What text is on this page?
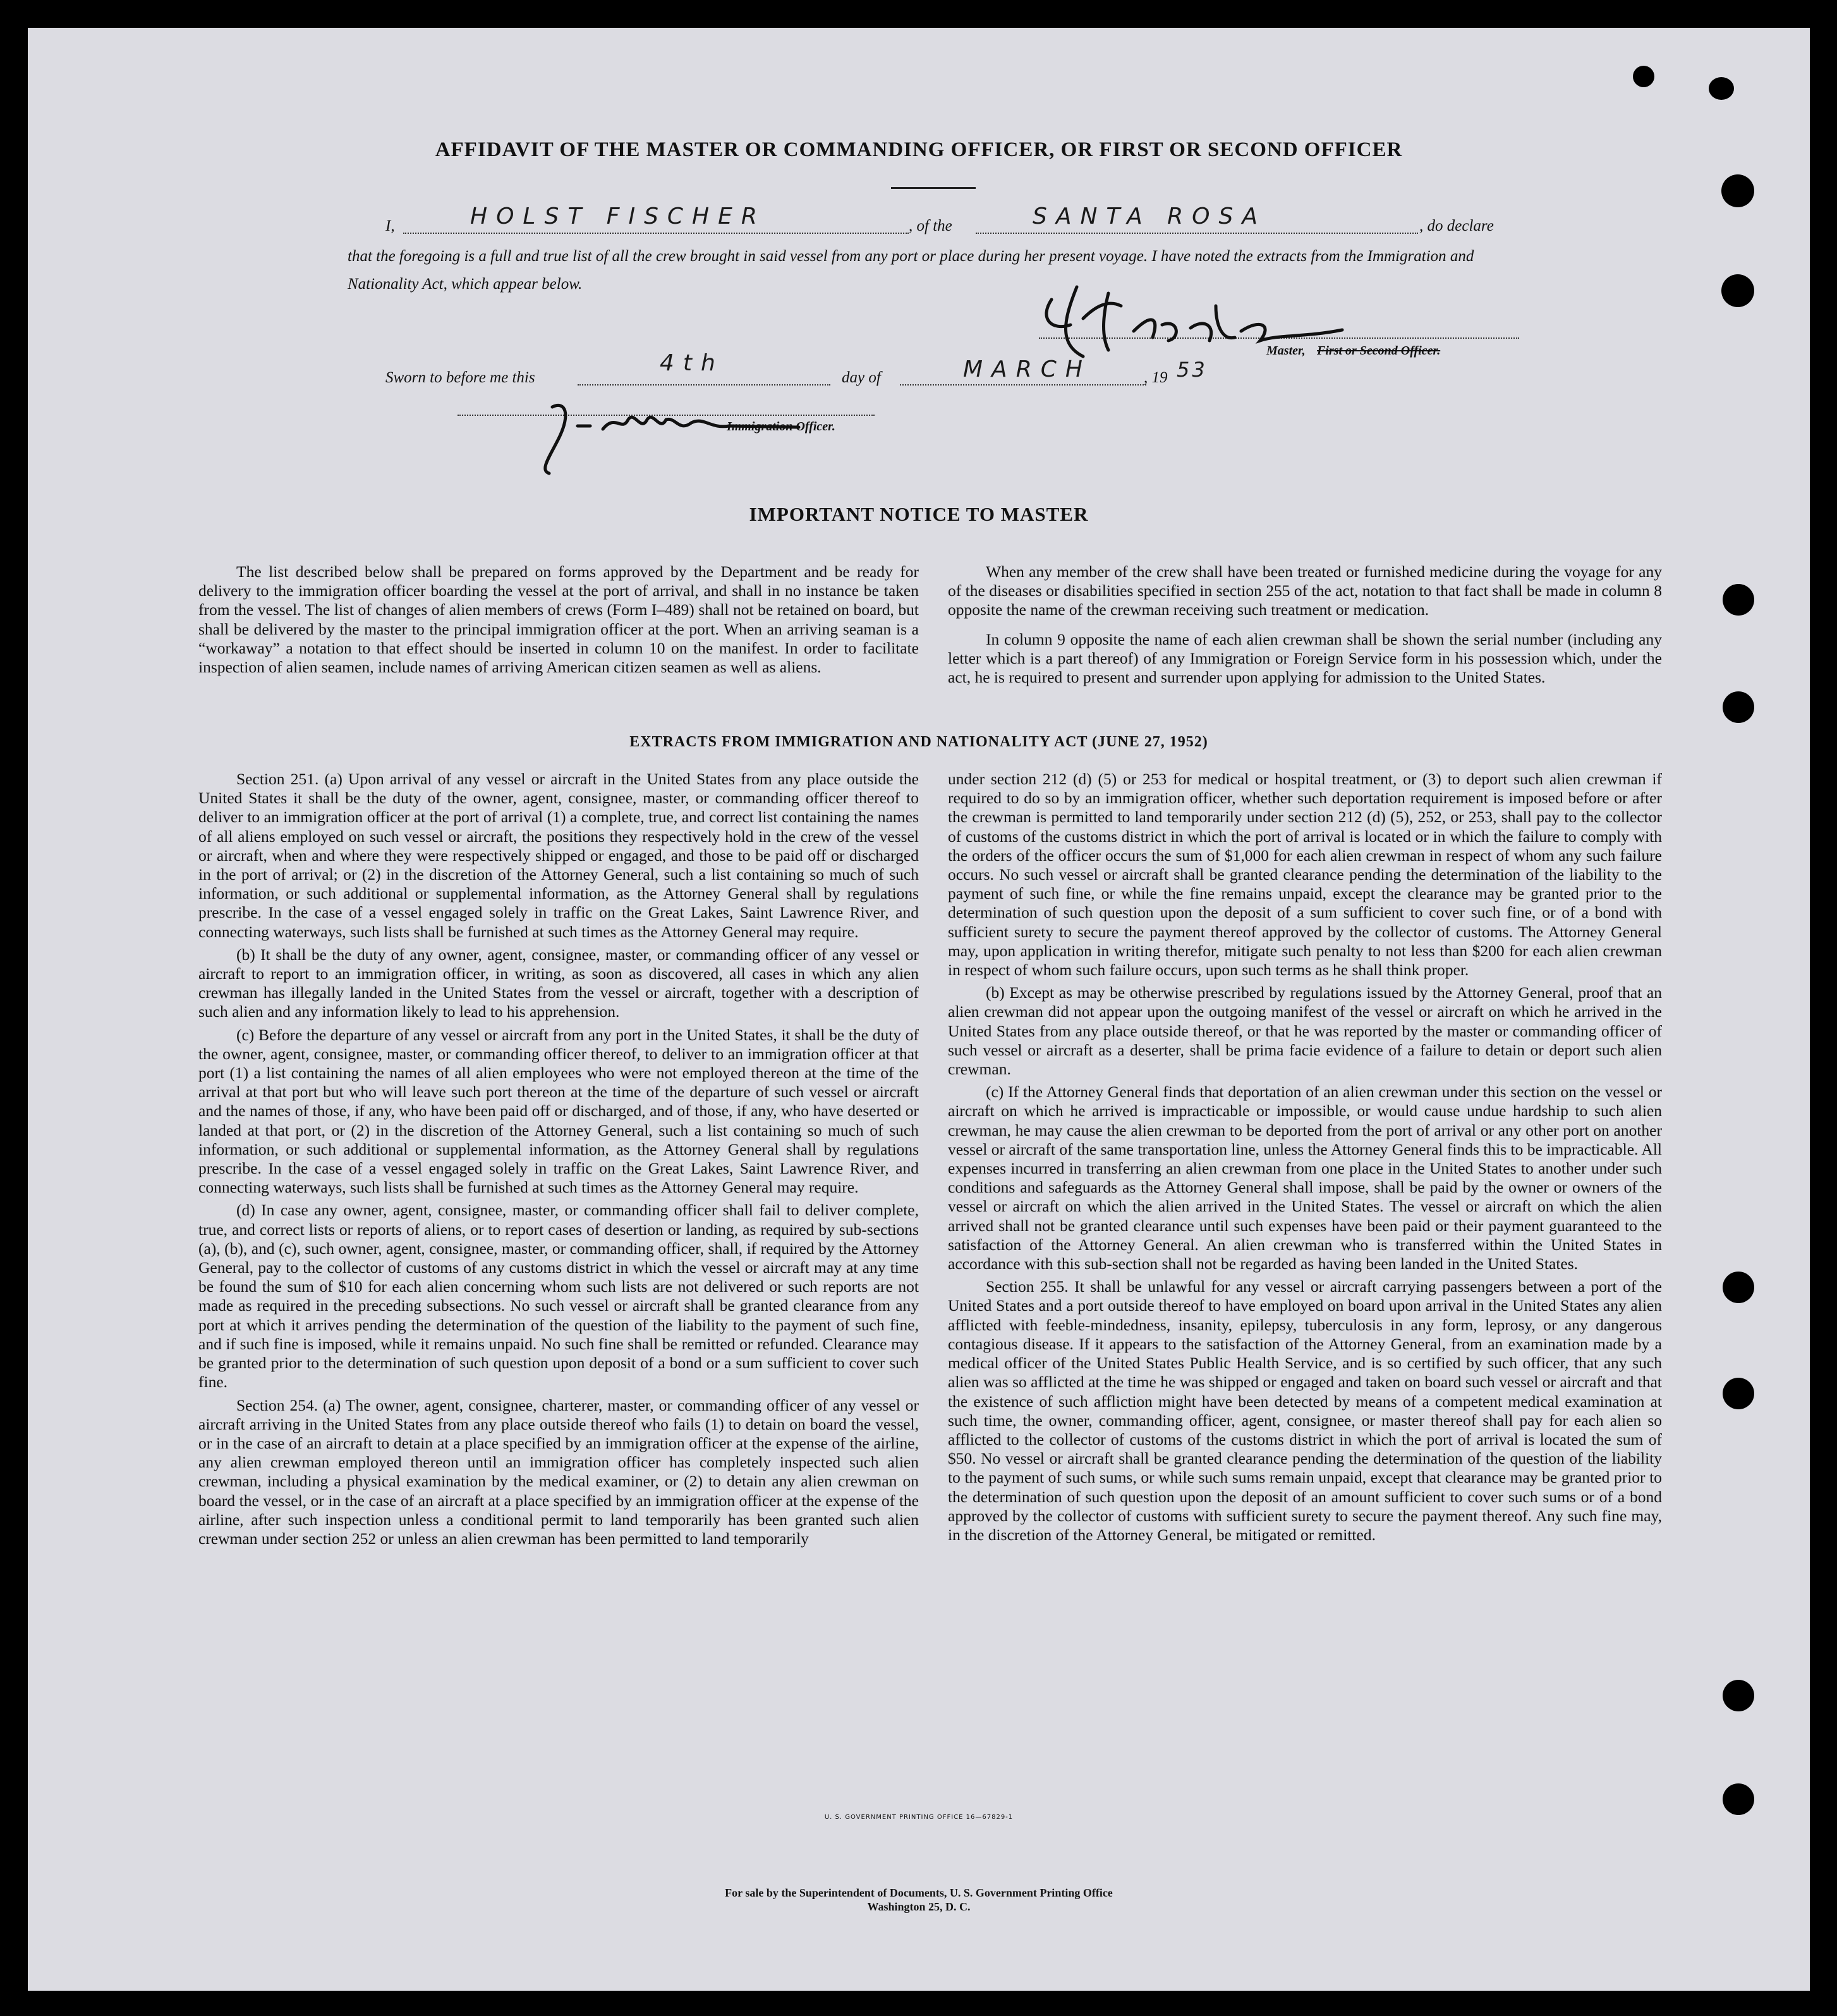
AFFIDAVIT OF THE MASTER OR COMMANDING OFFICER, OR FIRST OR SECOND OFFICER
I,	HOLST FISCHER	, of the	SANTA ROSA	, do declare
that the foregoing is a full and true list of all the crew brought in said vessel from any port or place during her present voyage. I have noted the extracts from the Immigration and Nationality Act, which appear below.
Master, First or Second Officer.
Sworn to before me this
4th
day of	MARCH	, 19 53
Immigration Officer.
IMPORTANT NOTICE TO MASTER

The list described below shall be prepared on forms approved by the Department and be ready for delivery to the immigration officer boarding the vessel at the port of arrival, and shall in no instance be taken from the vessel. The list of changes of alien members of crews (Form I–489) shall not be retained on board, but shall be delivered by the master to the principal immigration officer at the port. When an arriving seaman is a “workaway” a notation to that effect should be inserted in column 10 on the manifest. In order to facilitate inspection of alien seamen, include names of arriving American citizen seamen as well as aliens.

When any member of the crew shall have been treated or furnished medicine during the voyage for any of the diseases or disabilities specified in section 255 of the act, notation to that fact shall be made in column 8 opposite the name of the crewman receiving such treatment or medication.

In column 9 opposite the name of each alien crewman shall be shown the serial number (including any letter which is a part thereof) of any Immigration or Foreign Service form in his possession which, under the act, he is required to present and surrender upon applying for admission to the United States.

EXTRACTS FROM IMMIGRATION AND NATIONALITY ACT (JUNE 27, 1952)

Section 251. (a) Upon arrival of any vessel or aircraft in the United States from any place outside the United States it shall be the duty of the owner, agent, consignee, master, or commanding officer thereof to deliver to an immigration officer at the port of arrival (1) a complete, true, and correct list containing the names of all aliens employed on such vessel or aircraft, the positions they respectively hold in the crew of the vessel or aircraft, when and where they were respectively shipped or engaged, and those to be paid off or discharged in the port of arrival; or (2) in the discretion of the Attorney General, such a list containing so much of such information, or such additional or supplemental information, as the Attorney General shall by regulations prescribe. In the case of a vessel engaged solely in traffic on the Great Lakes, Saint Lawrence River, and connecting waterways, such lists shall be furnished at such times as the Attorney General may require.

(b) It shall be the duty of any owner, agent, consignee, master, or commanding officer of any vessel or aircraft to report to an immigration officer, in writing, as soon as discovered, all cases in which any alien crewman has illegally landed in the United States from the vessel or aircraft, together with a description of such alien and any information likely to lead to his apprehension.

(c) Before the departure of any vessel or aircraft from any port in the United States, it shall be the duty of the owner, agent, consignee, master, or commanding officer thereof, to deliver to an immigration officer at that port (1) a list containing the names of all alien employees who were not employed thereon at the time of the arrival at that port but who will leave such port thereon at the time of the departure of such vessel or aircraft and the names of those, if any, who have been paid off or discharged, and of those, if any, who have deserted or landed at that port, or (2) in the discretion of the Attorney General, such a list containing so much of such information, or such additional or supplemental information, as the Attorney General shall by regulations prescribe. In the case of a vessel engaged solely in traffic on the Great Lakes, Saint Lawrence River, and connecting waterways, such lists shall be furnished at such times as the Attorney General may require.

(d) In case any owner, agent, consignee, master, or commanding officer shall fail to deliver complete, true, and correct lists or reports of aliens, or to report cases of desertion or landing, as required by sub-sections (a), (b), and (c), such owner, agent, consignee, master, or commanding officer, shall, if required by the Attorney General, pay to the collector of customs of any customs district in which the vessel or aircraft may at any time be found the sum of $10 for each alien concerning whom such lists are not delivered or such reports are not made as required in the preceding subsections. No such vessel or aircraft shall be granted clearance from any port at which it arrives pending the determination of the question of the liability to the payment of such fine, and if such fine is imposed, while it remains unpaid. No such fine shall be remitted or refunded. Clearance may be granted prior to the determination of such question upon deposit of a bond or a sum sufficient to cover such fine.

Section 254. (a) The owner, agent, consignee, charterer, master, or commanding officer of any vessel or aircraft arriving in the United States from any place outside thereof who fails (1) to detain on board the vessel, or in the case of an aircraft to detain at a place specified by an immigration officer at the expense of the airline, any alien crewman employed thereon until an immigration officer has completely inspected such alien crewman, including a physical examination by the medical examiner, or (2) to detain any alien crewman on board the vessel, or in the case of an aircraft at a place specified by an immigration officer at the expense of the airline, after such inspection unless a conditional permit to land temporarily has been granted such alien crewman under section 252 or unless an alien crewman has been permitted to land temporarily

under section 212 (d) (5) or 253 for medical or hospital treatment, or (3) to deport such alien crewman if required to do so by an immigration officer, whether such deportation requirement is imposed before or after the crewman is permitted to land temporarily under section 212 (d) (5), 252, or 253, shall pay to the collector of customs of the customs district in which the port of arrival is located or in which the failure to comply with the orders of the officer occurs the sum of $1,000 for each alien crewman in respect of whom any such failure occurs. No such vessel or aircraft shall be granted clearance pending the determination of the liability to the payment of such fine, or while the fine remains unpaid, except the clearance may be granted prior to the determination of such question upon the deposit of a sum sufficient to cover such fine, or of a bond with sufficient surety to secure the payment thereof approved by the collector of customs. The Attorney General may, upon application in writing therefor, mitigate such penalty to not less than $200 for each alien crewman in respect of whom such failure occurs, upon such terms as he shall think proper.

(b) Except as may be otherwise prescribed by regulations issued by the Attorney General, proof that an alien crewman did not appear upon the outgoing manifest of the vessel or aircraft on which he arrived in the United States from any place outside thereof, or that he was reported by the master or commanding officer of such vessel or aircraft as a deserter, shall be prima facie evidence of a failure to detain or deport such alien crewman.

(c) If the Attorney General finds that deportation of an alien crewman under this section on the vessel or aircraft on which he arrived is impracticable or impossible, or would cause undue hardship to such alien crewman, he may cause the alien crewman to be deported from the port of arrival or any other port on another vessel or aircraft of the same transportation line, unless the Attorney General finds this to be impracticable. All expenses incurred in transferring an alien crewman from one place in the United States to another under such conditions and safeguards as the Attorney General shall impose, shall be paid by the owner or owners of the vessel or aircraft on which the alien arrived in the United States. The vessel or aircraft on which the alien arrived shall not be granted clearance until such expenses have been paid or their payment guaranteed to the satisfaction of the Attorney General. An alien crewman who is transferred within the United States in accordance with this sub-section shall not be regarded as having been landed in the United States.

Section 255. It shall be unlawful for any vessel or aircraft carrying passengers between a port of the United States and a port outside thereof to have employed on board upon arrival in the United States any alien afflicted with feeble-mindedness, insanity, epilepsy, tuberculosis in any form, leprosy, or any dangerous contagious disease. If it appears to the satisfaction of the Attorney General, from an examination made by a medical officer of the United States Public Health Service, and is so certified by such officer, that any such alien was so afflicted at the time he was shipped or engaged and taken on board such vessel or aircraft and that the existence of such affliction might have been detected by means of a competent medical examination at such time, the owner, commanding officer, agent, consignee, or master thereof shall pay for each alien so afflicted to the collector of customs of the customs district in which the port of arrival is located the sum of $50. No vessel or aircraft shall be granted clearance pending the determination of the question of the liability to the payment of such sums, or while such sums remain unpaid, except that clearance may be granted prior to the determination of such question upon the deposit of an amount sufficient to cover such sums or of a bond approved by the collector of customs with sufficient surety to secure the payment thereof. Any such fine may, in the discretion of the Attorney General, be mitigated or remitted.

U. S. GOVERNMENT PRINTING OFFICE 16—67829-1
For sale by the Superintendent of Documents, U. S. Government Printing Office
Washington 25, D. C.
